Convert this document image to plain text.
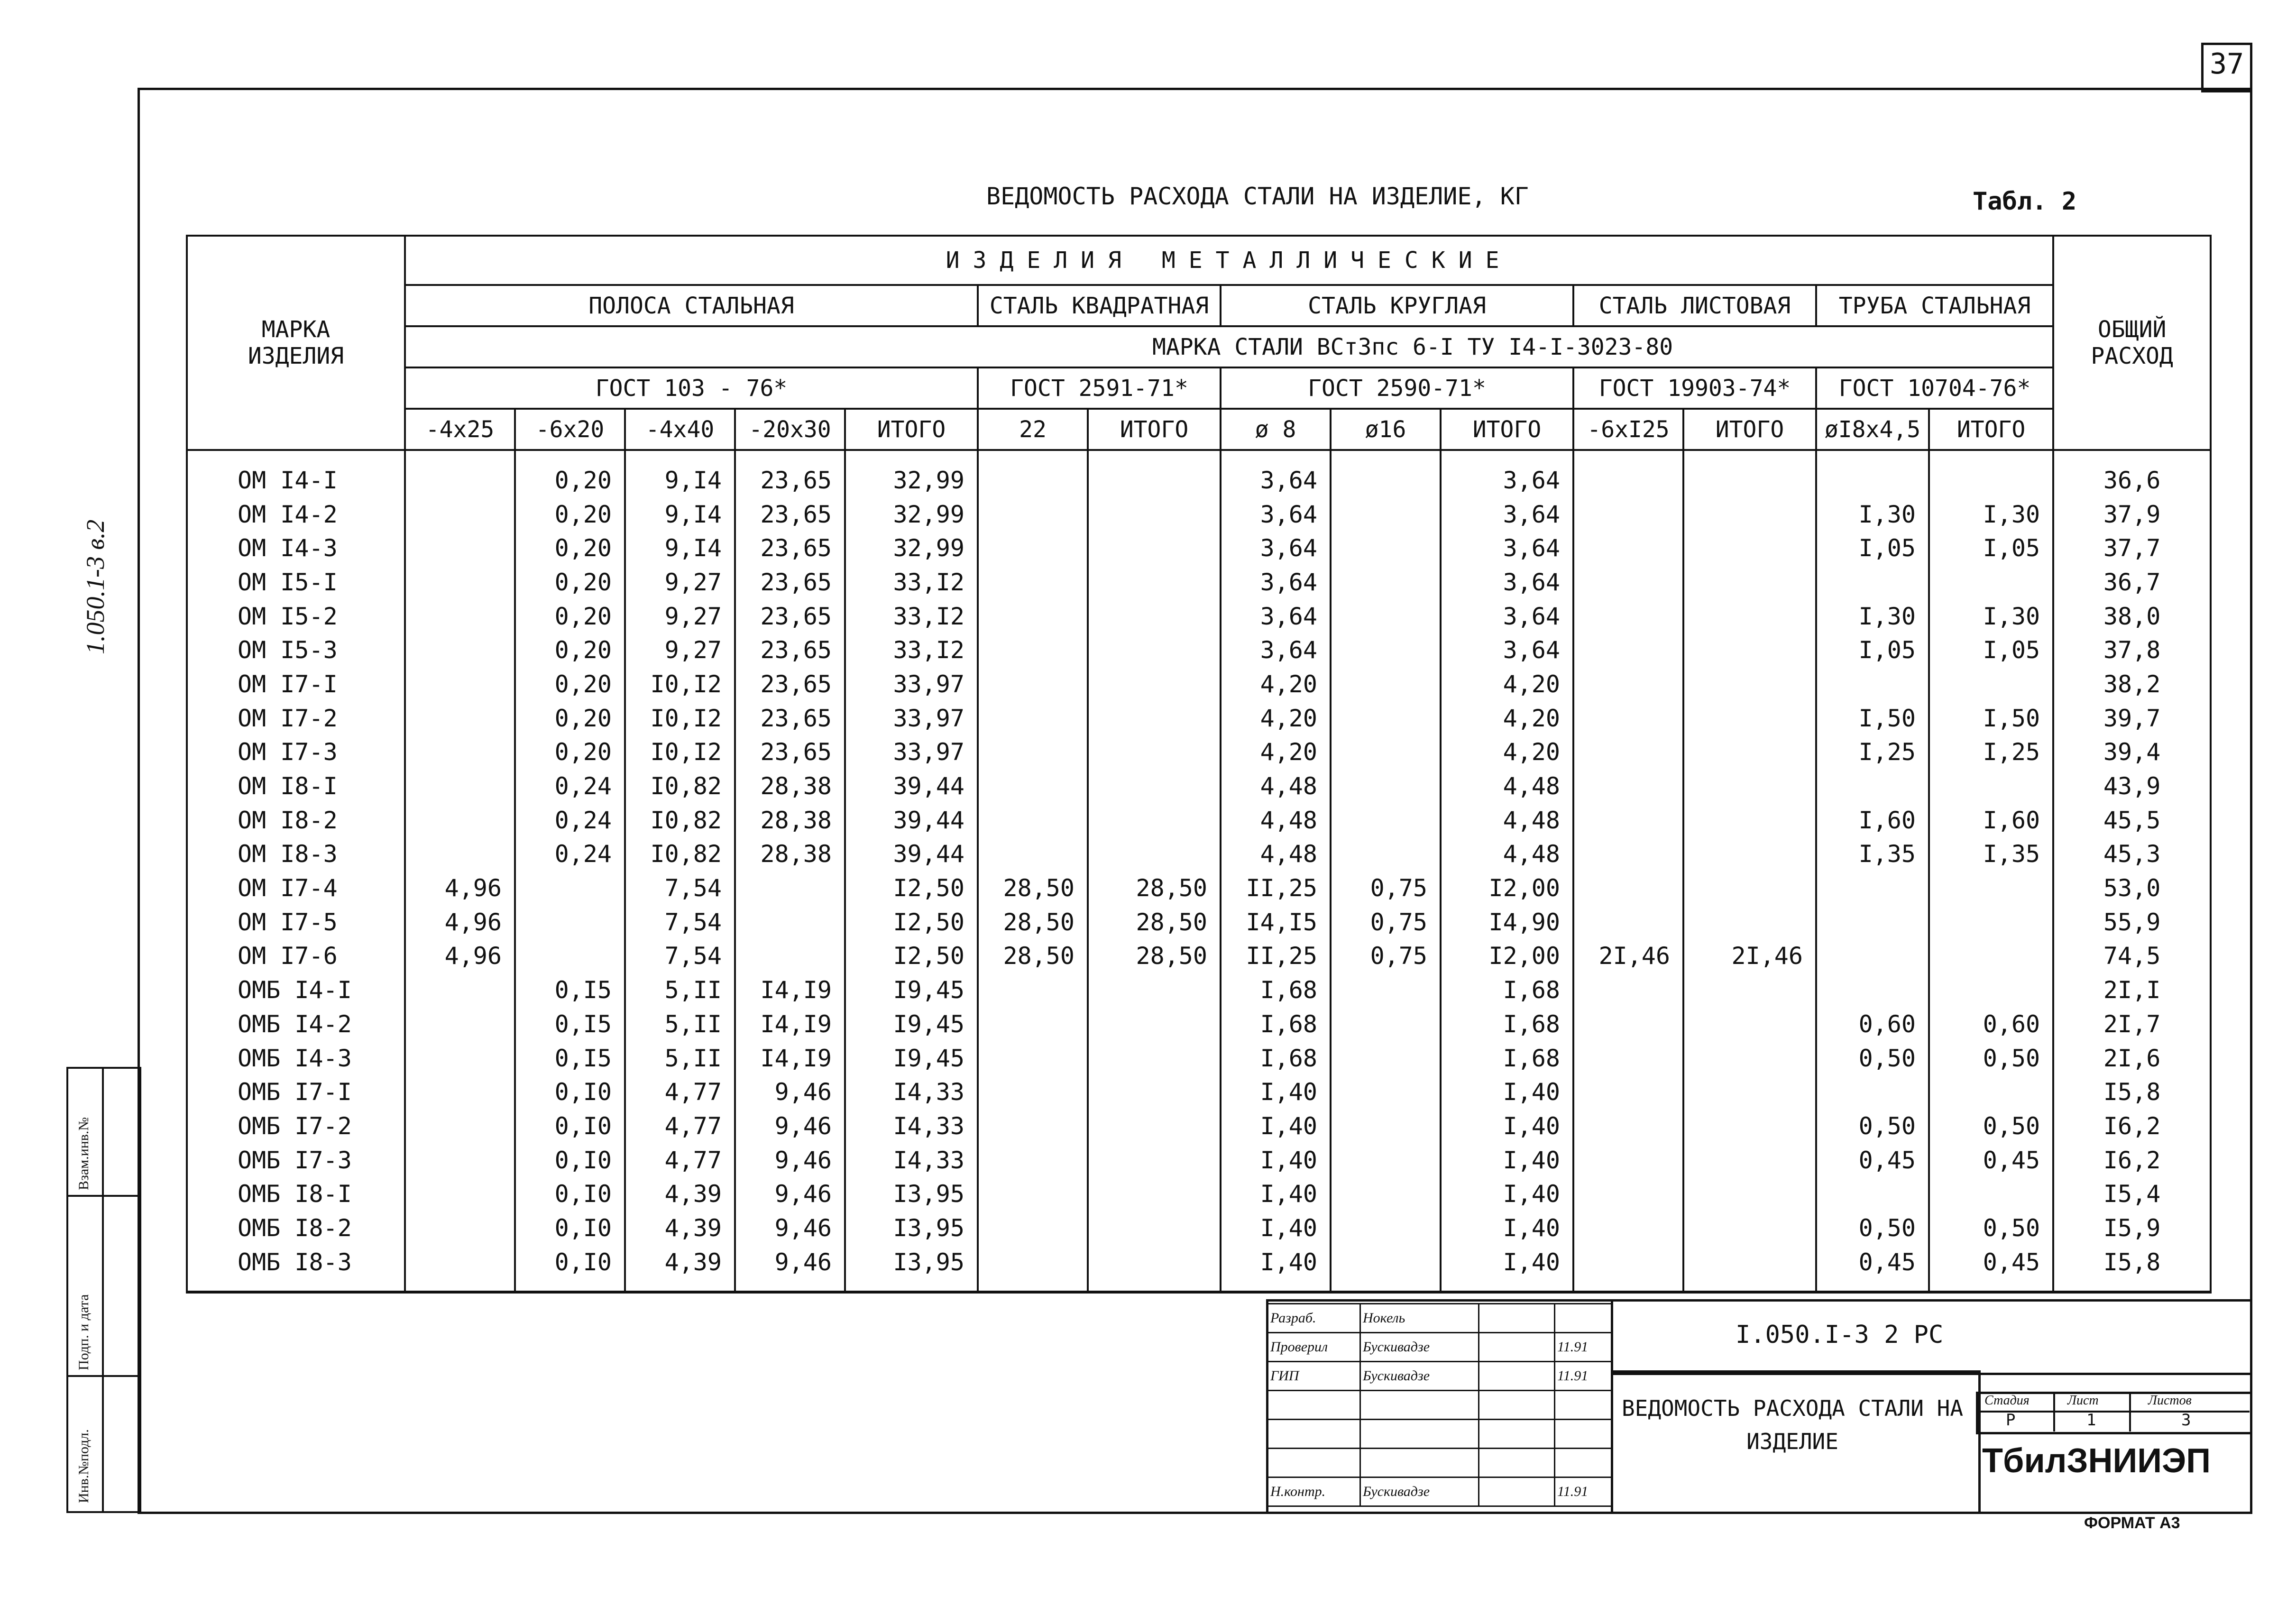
37
1.050.1-3 в.2
Инв.№подл.
Подп. и дата
Взам.инв.№
ВЕДОМОСТЬ РАСХОДА СТАЛИ НА ИЗДЕЛИЕ, КГ	Табл. 2
МАРКА ИЗДЕЛИЯ	ИЗДЕЛИЯ МЕТАЛЛИЧЕСКИЕ														ОБЩИЙ РАСХОД
	ПОЛОСА СТАЛЬНАЯ					СТАЛЬ КВАДРАТНАЯ		СТАЛЬ КРУГЛАЯ			СТАЛЬ ЛИСТОВАЯ		ТРУБА СТАЛЬНАЯ		
	МАРКА СТАЛИ ВСт3пс 6-I ТУ I4-I-3023-80														
	ГОСТ 103 - 76*					ГОСТ 2591-71*		ГОСТ 2590-71*			ГОСТ 19903-74*		ГОСТ 10704-76*		
	-4x25	-6x20	-4x40	-20x30	ИТОГО	22	ИТОГО	ø 8	ø16	ИТОГО	-6xI25	ИТОГО	øI8x4,5	ИТОГО	
ОМ I4-I		0,20	9,I4	23,65	32,99			3,64		3,64					36,6
ОМ I4-2		0,20	9,I4	23,65	32,99			3,64		3,64			I,30	I,30	37,9
ОМ I4-3		0,20	9,I4	23,65	32,99			3,64		3,64			I,05	I,05	37,7
ОМ I5-I		0,20	9,27	23,65	33,I2			3,64		3,64					36,7
ОМ I5-2		0,20	9,27	23,65	33,I2			3,64		3,64			I,30	I,30	38,0
ОМ I5-3		0,20	9,27	23,65	33,I2			3,64		3,64			I,05	I,05	37,8
ОМ I7-I		0,20	I0,I2	23,65	33,97			4,20		4,20					38,2
ОМ I7-2		0,20	I0,I2	23,65	33,97			4,20		4,20			I,50	I,50	39,7
ОМ I7-3		0,20	I0,I2	23,65	33,97			4,20		4,20			I,25	I,25	39,4
ОМ I8-I		0,24	I0,82	28,38	39,44			4,48		4,48					43,9
ОМ I8-2		0,24	I0,82	28,38	39,44			4,48		4,48			I,60	I,60	45,5
ОМ I8-3		0,24	I0,82	28,38	39,44			4,48		4,48			I,35	I,35	45,3
ОМ I7-4	4,96		7,54		I2,50	28,50	28,50	II,25	0,75	I2,00					53,0
ОМ I7-5	4,96		7,54		I2,50	28,50	28,50	I4,I5	0,75	I4,90					55,9
ОМ I7-6	4,96		7,54		I2,50	28,50	28,50	II,25	0,75	I2,00	2I,46	2I,46			74,5
ОМБ I4-I		0,I5	5,II	I4,I9	I9,45			I,68		I,68					2I,I
ОМБ I4-2		0,I5	5,II	I4,I9	I9,45			I,68		I,68			0,60	0,60	2I,7
ОМБ I4-3		0,I5	5,II	I4,I9	I9,45			I,68		I,68			0,50	0,50	2I,6
ОМБ I7-I		0,I0	4,77	9,46	I4,33			I,40		I,40					I5,8
ОМБ I7-2		0,I0	4,77	9,46	I4,33			I,40		I,40			0,50	0,50	I6,2
ОМБ I7-3		0,I0	4,77	9,46	I4,33			I,40		I,40			0,45	0,45	I6,2
ОМБ I8-I		0,I0	4,39	9,46	I3,95			I,40		I,40					I5,4
ОМБ I8-2		0,I0	4,39	9,46	I3,95			I,40		I,40			0,50	0,50	I5,9
ОМБ I8-3		0,I0	4,39	9,46	I3,95			I,40		I,40			0,45	0,45	I5,8
Разраб.	Нокель		
Проверил	Бускивадзе		11.91
ГИП	Бускивадзе		11.91

Н.контр.	Бускивадзе		11.91
I.050.I-3 2 РС
ВЕДОМОСТЬ РАСХОДА СТАЛИ НА ИЗДЕЛИЕ
Стадия	Лист	Листов
Р	1	3
ТбилЗНИИЭП
ФОРМАТ А3
